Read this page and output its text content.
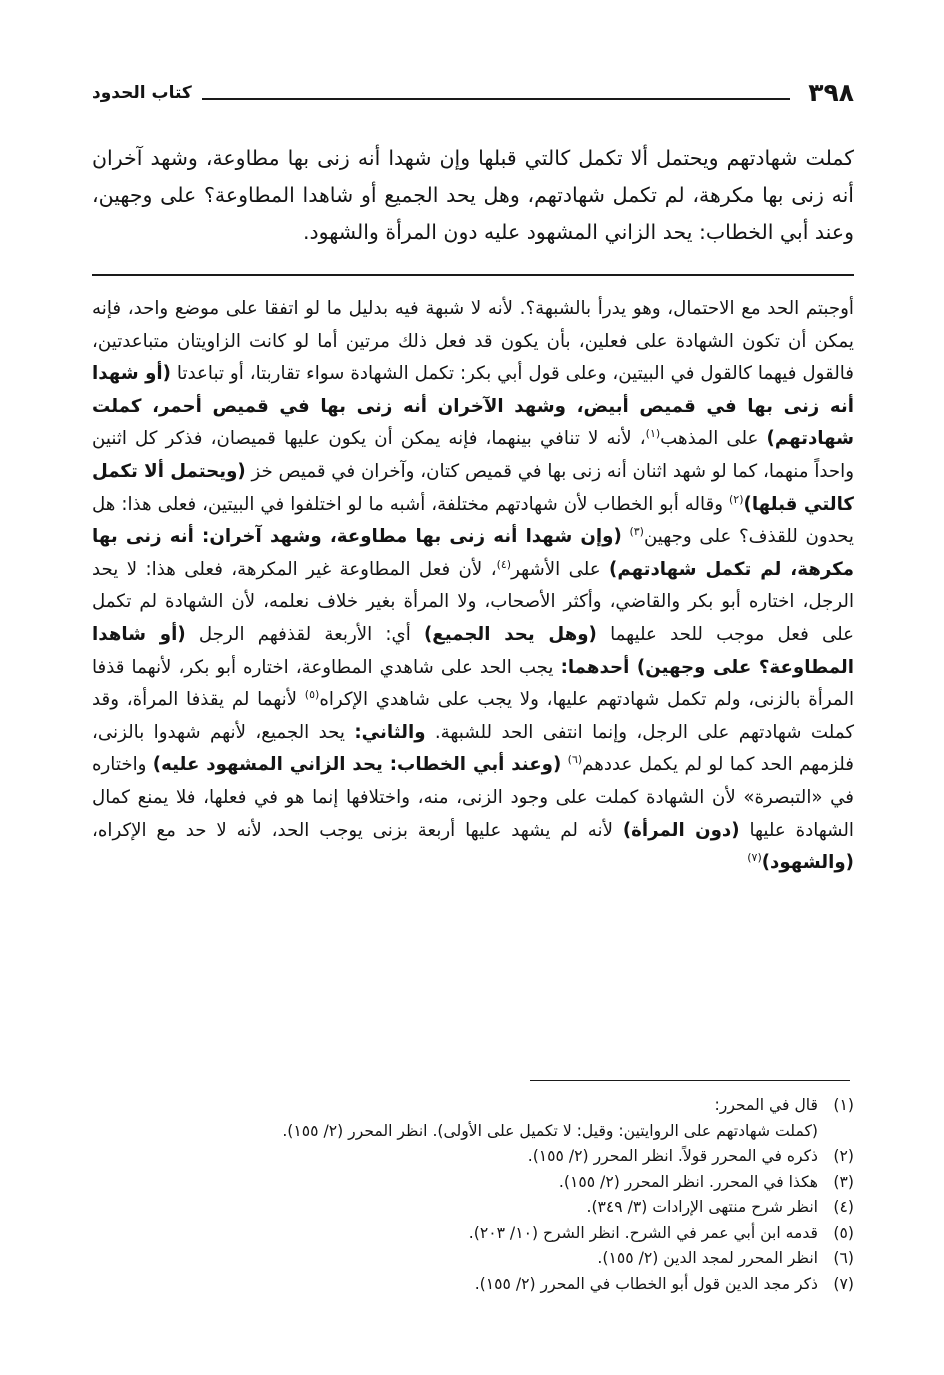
٣٩٨
كتاب الحدود

كملت شهادتهم ويحتمل ألا تكمل كالتي قبلها وإن شهدا أنه زنى بها مطاوعة، وشهد آخران أنه زنى بها مكرهة، لم تكمل شهادتهم، وهل يحد الجميع أو شاهدا المطاوعة؟ على وجهين، وعند أبي الخطاب: يحد الزاني المشهود عليه دون المرأة والشهود.

أوجبتم الحد مع الاحتمال، وهو يدرأ بالشبهة؟. لأنه لا شبهة فيه بدليل ما لو اتفقا على موضع واحد، فإنه يمكن أن تكون الشهادة على فعلين، بأن يكون قد فعل ذلك مرتين أما لو كانت الزاويتان متباعدتين، فالقول فيهما كالقول في البيتين، وعلى قول أبي بكر: تكمل الشهادة سواء تقاربتا، أو تباعدتا (أو شهدا أنه زنى بها في قميص أبيض، وشهد الآخران أنه زنى بها في قميص أحمر، كملت شهادتهم) على المذهب$^{(١)}$، لأنه لا تنافي بينهما، فإنه يمكن أن يكون عليها قميصان، فذكر كل اثنين واحداً منهما، كما لو شهد اثنان أنه زنى بها في قميص كتان، وآخران في قميص خز (ويحتمل ألا تكمل كالتي قبلها)$^{(٢)}$ وقاله أبو الخطاب لأن شهادتهم مختلفة، أشبه ما لو اختلفوا في البيتين، فعلى هذا: هل يحدون للقذف؟ على وجهين$^{(٣)}$ (وإن شهدا أنه زنى بها مطاوعة، وشهد آخران: أنه زنى بها مكرهة، لم تكمل شهادتهم) على الأشهر$^{(٤)}$، لأن فعل المطاوعة غير المكرهة، فعلى هذا: لا يحد الرجل، اختاره أبو بكر والقاضي، وأكثر الأصحاب، ولا المرأة بغير خلاف نعلمه، لأن الشهادة لم تكمل على فعل موجب للحد عليهما (وهل يحد الجميع) أي: الأربعة لقذفهم الرجل (أو شاهدا المطاوعة؟ على وجهين) أحدهما: يجب الحد على شاهدي المطاوعة، اختاره أبو بكر، لأنهما قذفا المرأة بالزنى، ولم تكمل شهادتهم عليها، ولا يجب على شاهدي الإكراه$^{(٥)}$ لأنهما لم يقذفا المرأة، وقد كملت شهادتهم على الرجل، وإنما انتفى الحد للشبهة. والثاني: يحد الجميع، لأنهم شهدوا بالزنى، فلزمهم الحد كما لو لم يكمل عددهم$^{(٦)}$ (وعند أبي الخطاب: يحد الزاني المشهود عليه) واختاره في «التبصرة» لأن الشهادة كملت على وجود الزنى، منه، واختلافها إنما هو في فعلها، فلا يمنع كمال الشهادة عليها (دون المرأة) لأنه لم يشهد عليها أربعة بزنى يوجب الحد، لأنه لا حد مع الإكراه، (والشهود)$^{(٧)}$

(١)
قال في المحرر:
(كملت شهادتهم على الروايتين: وقيل: لا تكميل على الأولى). انظر المحرر (٢/ ١٥٥).
(٢)
ذكره في المحرر قولاً. انظر المحرر (٢/ ١٥٥).
(٣)
هكذا في المحرر. انظر المحرر (٢/ ١٥٥).
(٤)
انظر شرح منتهى الإرادات (٣/ ٣٤٩).
(٥)
قدمه ابن أبي عمر في الشرح. انظر الشرح (١٠/ ٢٠٣).
(٦)
انظر المحرر لمجد الدين (٢/ ١٥٥).
(٧)
ذكر مجد الدين قول أبو الخطاب في المحرر (٢/ ١٥٥).
